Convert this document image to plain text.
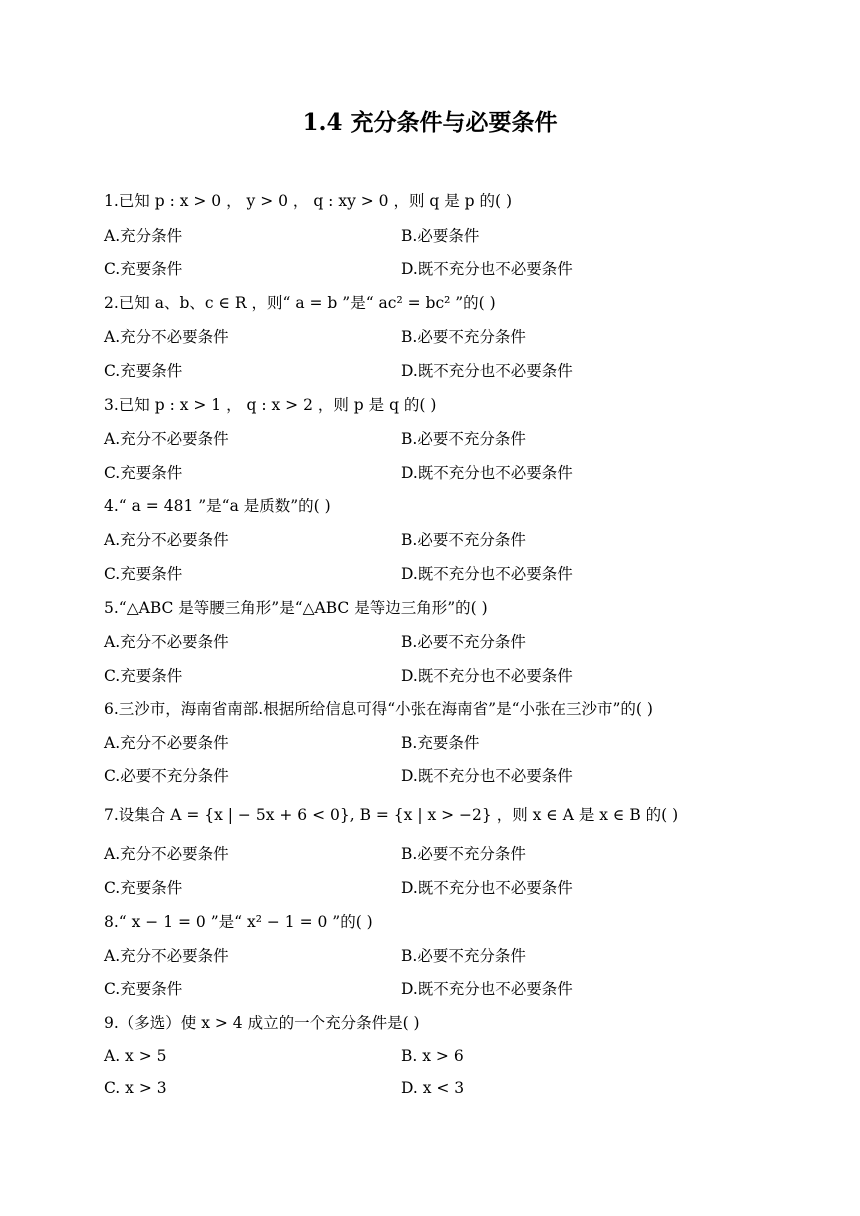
1.4 充分条件与必要条件
1.已知 p : x > 0 ， y > 0 ， q : xy > 0 ，则 q 是 p 的( )
A.充分条件	B.必要条件
C.充要条件	D.既不充分也不必要条件
2.已知 a、b、c ∈ R ，则“ a = b ”是“ ac² = bc² ”的( )
A.充分不必要条件	B.必要不充分条件
C.充要条件	D.既不充分也不必要条件
3.已知 p : x > 1 ， q : x > 2 ，则 p 是 q 的( )
A.充分不必要条件	B.必要不充分条件
C.充要条件	D.既不充分也不必要条件
4.“ a = 481 ”是“a 是质数”的( )
A.充分不必要条件	B.必要不充分条件
C.充要条件	D.既不充分也不必要条件
5.“△ABC 是等腰三角形”是“△ABC 是等边三角形”的( )
A.充分不必要条件	B.必要不充分条件
C.充要条件	D.既不充分也不必要条件
6.三沙市，海南省南部.根据所给信息可得“小张在海南省”是“小张在三沙市”的( )
A.充分不必要条件	B.充要条件
C.必要不充分条件	D.既不充分也不必要条件
7.设集合 A = {x | − 5x + 6 < 0}, B = {x | x > −2} ，则 x ∈ A 是 x ∈ B 的( )
A.充分不必要条件	B.必要不充分条件
C.充要条件	D.既不充分也不必要条件
8.“ x − 1 = 0 ”是“ x² − 1 = 0 ”的( )
A.充分不必要条件	B.必要不充分条件
C.充要条件	D.既不充分也不必要条件
9.（多选）使 x > 4 成立的一个充分条件是( )
A. x > 5	B. x > 6
C. x > 3	D. x < 3
